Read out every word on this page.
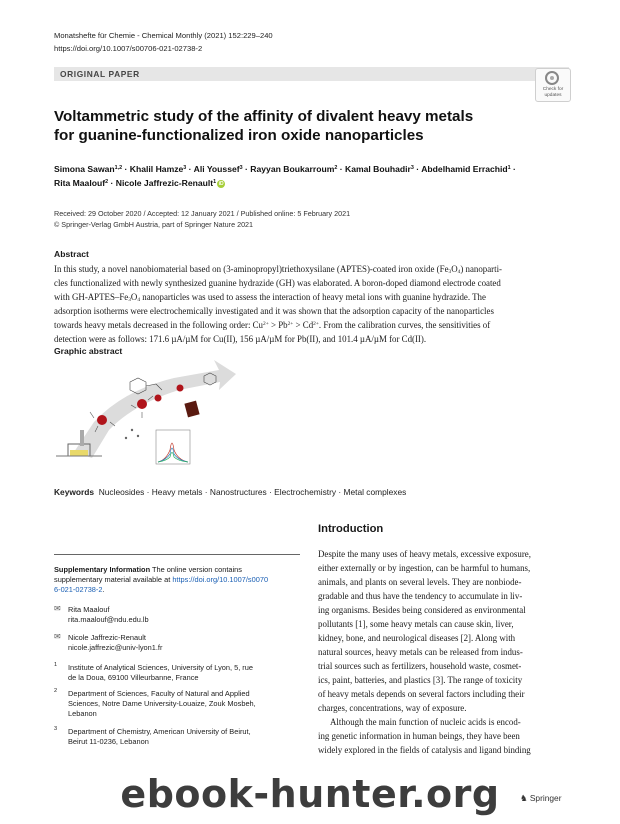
Monatshefte für Chemie - Chemical Monthly (2021) 152:229–240
https://doi.org/10.1007/s00706-021-02738-2
ORIGINAL PAPER
Check for
updates
Voltammetric study of the affinity of divalent heavy metals
for guanine-functionalized iron oxide nanoparticles
Simona Sawan$^{1,2}$ · Khalil Hamze$^3$ · Ali Youssef$^3$ · Rayyan Boukarroum$^2$ · Kamal Bouhadir$^3$ · Abdelhamid Errachid$^1$ ·
Rita Maalouf$^2$ · Nicole Jaffrezic-Renault$^1$ iD
Received: 29 October 2020 / Accepted: 12 January 2021 / Published online: 5 February 2021
© Springer-Verlag GmbH Austria, part of Springer Nature 2021
Abstract
In this study, a novel nanobiomaterial based on (3-aminopropyl)triethoxysilane (APTES)-coated iron oxide $(Fe_3O_4)$ nanoparti-
cles functionalized with newly synthesized guanine hydrazide (GH) was elaborated. A boron-doped diamond electrode coated
with $GH-APTES-Fe_3O_4$ nanoparticles was used to assess the interaction of heavy metal ions with guanine hydrazide. The
adsorption isotherms were electrochemically investigated and it was shown that the adsorption capacity of the nanoparticles
towards heavy metals decreased in the following order: $Cu^{2+} > Pb^{2+} > Cd^{2+}$. From the calibration curves, the sensitivities of
detection were as follows: 171.6 µA/µM for Cu(II), 156 µA/µM for Pb(II), and 101.4 µA/µM for Cd(II).
Graphic abstract
Keywords Nucleosides · Heavy metals · Nanostructures · Electrochemistry · Metal complexes
Introduction
Despite the many uses of heavy metals, excessive exposure,
either externally or by ingestion, can be harmful to humans,
animals, and plants on several levels. They are nonbiode-
gradable and thus have the tendency to accumulate in liv-
ing organisms. Besides being considered as environmental
pollutants [1], some heavy metals can cause skin, liver,
kidney, bone, and neurological diseases [2]. Along with
natural sources, heavy metals can be released from indus-
trial sources such as fertilizers, household waste, cosmet-
ics, paint, batteries, and plastics [3]. The range of toxicity
of heavy metals depends on several factors including their
charges, concentrations, way of exposure.
Although the main function of nucleic acids is encod-
ing genetic information in human beings, they have been
widely explored in the fields of catalysis and ligand binding
Supplementary Information The online version contains
supplementary material available at https://doi.org/10.1007/s0070
6-021-02738-2.
✉ Rita Maalouf
rita.maalouf@ndu.edu.lb
✉ Nicole Jaffrezic-Renault
nicole.jaffrezic@univ-lyon1.fr
1 Institute of Analytical Sciences, University of Lyon, 5, rue
de la Doua, 69100 Villeurbanne, France
2 Department of Sciences, Faculty of Natural and Applied
Sciences, Notre Dame University-Louaize, Zouk Mosbeh,
Lebanon
3 Department of Chemistry, American University of Beirut,
Beirut 11-0236, Lebanon
♞ Springer
ebook-hunter.org
